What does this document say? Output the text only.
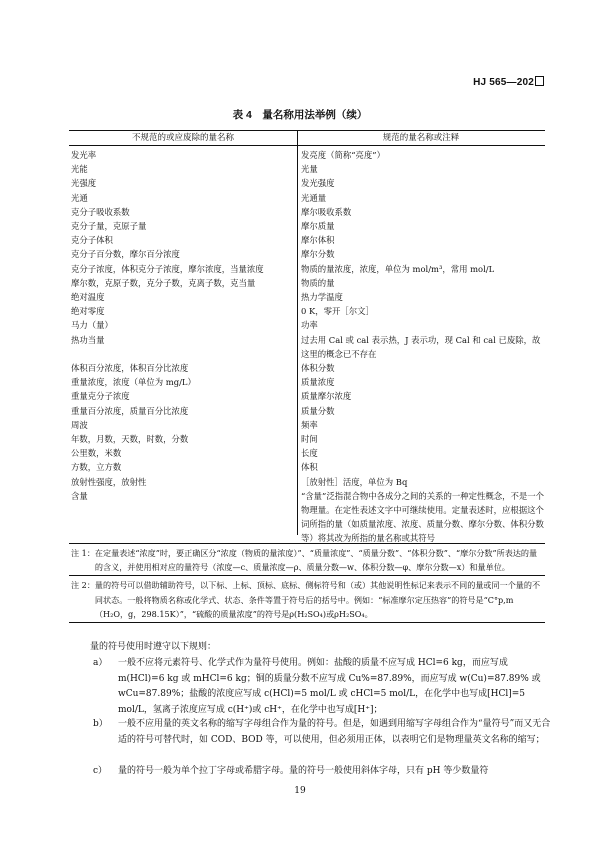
HJ 565—202
表 4　量名称用法举例（续）
不规范的或应废除的量名称	规范的量名称或注释
发光率	发亮度（简称“亮度”）
光能	光量
光强度	发光强度
光通	光通量
克分子吸收系数	摩尔吸收系数
克分子量，克原子量	摩尔质量
克分子体积	摩尔体积
克分子百分数，摩尔百分浓度	摩尔分数
克分子浓度，体积克分子浓度，摩尔浓度，当量浓度	物质的量浓度，浓度，单位为 mol/m³，常用 mol/L
摩尔数，克原子数，克分子数，克离子数，克当量	物质的量
绝对温度	热力学温度
绝对零度	0 K，零开［尔文］
马力（量）	功率
热功当量	过去用 Cal 或 cal 表示热，J 表示功，现 Cal 和 cal 已废除，故这里的概念已不存在
体积百分浓度，体积百分比浓度	体积分数
重量浓度，浓度（单位为 mg/L）	质量浓度
重量克分子浓度	质量摩尔浓度
重量百分浓度，质量百分比浓度	质量分数
周波	频率
年数，月数，天数，时数，分数	时间
公里数，米数	长度
方数，立方数	体积
放射性强度，放射性	［放射性］活度，单位为 Bq
含量	“含量”泛指混合物中各成分之间的关系的一种定性概念，不是一个物理量。在定性表述文字中可继续使用。定量表述时，应根据这个词所指的量（如质量浓度、浓度、质量分数、摩尔分数、体积分数等）将其改为所指的量名称或其符号
注 1： 在定量表述“浓度”时，要正确区分“浓度（物质的量浓度）”、“质量浓度”、“质量分数”、“体积分数”、“摩尔分数”所表达的量的含义，并使用相对应的量符号（浓度—c、质量浓度—ρ、质量分数—w、体积分数—φ、摩尔分数—x）和量单位。
注 2： 量的符号可以借助辅助符号，以下标、上标、顶标、底标、侧标符号和（或）其他说明性标记来表示不同的量或同一个量的不同状态。一般将物质名称或化学式、状态、条件等置于符号后的括号中。例如：“标准摩尔定压热容”的符号是“C°p,m（H₂O，g，298.15K）”，“硫酸的质量浓度”的符号是ρ(H₂SO₄)或ρH₂SO₄。
量的符号使用时遵守以下规则：
a） 一般不应将元素符号、化学式作为量符号使用。例如：盐酸的质量不应写成 HCl=6 kg，而应写成 m(HCl)=6 kg 或 mHCl=6 kg；铜的质量分数不应写成 Cu%=87.89%，而应写成 w(Cu)=87.89% 或 wCu=87.89%；盐酸的浓度应写成 c(HCl)=5 mol/L 或 cHCl=5 mol/L，在化学中也写成[HCl]=5 mol/L，氢离子浓度应写成 c(H⁺)或 cH⁺，在化学中也写成[H⁺]；
b） 一般不应用量的英文名称的缩写字母组合作为量的符号。但是，如遇到用缩写字母组合作为“量符号”而又无合适的符号可替代时，如 COD、BOD 等，可以使用，但必须用正体，以表明它们是物理量英文名称的缩写；
c） 量的符号一般为单个拉丁字母或希腊字母。量的符号一般使用斜体字母，只有 pH 等少数量符
19
